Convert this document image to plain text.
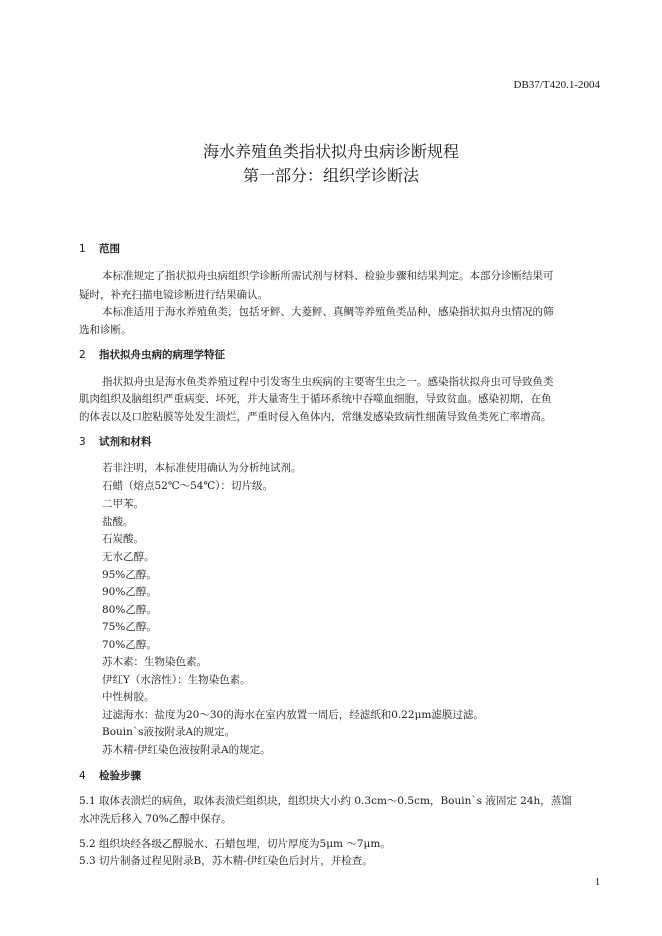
DB37/T420.1-2004
海水养殖鱼类指状拟舟虫病诊断规程
第一部分：组织学诊断法
1 范围
本标准规定了指状拟舟虫病组织学诊断所需试剂与材料、检验步骤和结果判定。本部分诊断结果可
疑时，补充扫描电镜诊断进行结果确认。
本标准适用于海水养殖鱼类，包括牙鲆、大菱鲆、真鲷等养殖鱼类品种，感染指状拟舟虫情况的筛
选和诊断。
2 指状拟舟虫病的病理学特征
指状拟舟虫是海水鱼类养殖过程中引发寄生虫疾病的主要寄生虫之一。感染指状拟舟虫可导致鱼类
肌肉组织及脑组织严重病变、坏死，并大量寄生于循环系统中吞噬血细胞，导致贫血。感染初期，在鱼
的体表以及口腔粘膜等处发生溃烂，严重时侵入鱼体内，常继发感染致病性细菌导致鱼类死亡率增高。
3 试剂和材料
若非注明，本标准使用确认为分析纯试剂。
石蜡（熔点52℃～54℃）：切片级。
二甲苯。
盐酸。
石炭酸。
无水乙醇。
95%乙醇。
90%乙醇。
80%乙醇。
75%乙醇。
70%乙醇。
苏木素：生物染色素。
伊红Y（水溶性）：生物染色素。
中性树胶。
过滤海水：盐度为20～30的海水在室内放置一周后，经滤纸和0.22μm滤膜过滤。
Bouin`s液按附录A的规定。
苏木精-伊红染色液按附录A的规定。
4 检验步骤
5.1 取体表溃烂的病鱼，取体表溃烂组织块，组织块大小约 0.3cm～0.5cm，Bouin`s 液固定 24h，蒸馏
水冲洗后移入 70%乙醇中保存。
5.2 组织块经各级乙醇脱水、石蜡包埋，切片厚度为5μm ～7μm。
5.3 切片制备过程见附录B，苏木精-伊红染色后封片，并检查。
1
